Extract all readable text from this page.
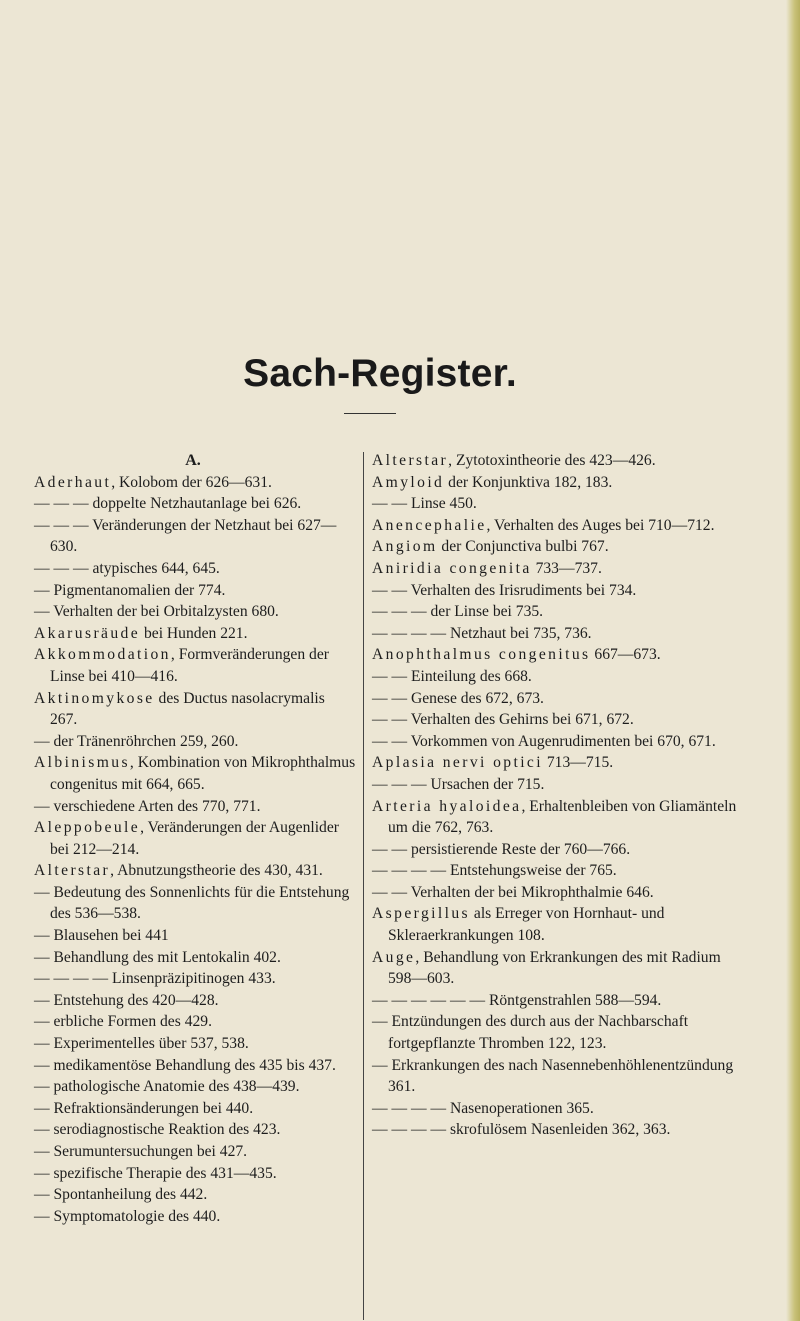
Sach-Register.
A.

Aderhaut, Kolobom der 626—631.

— — — doppelte Netzhautanlage bei 626.

— — — Veränderungen der Netzhaut bei 627—630.

— — — atypisches 644, 645.

— Pigmentanomalien der 774.

— Verhalten der bei Orbitalzysten 680.

Akarusräude bei Hunden 221.

Akkommodation, Formveränderungen der Linse bei 410—416.

Aktinomykose des Ductus nasolacrymalis 267.

— der Tränenröhrchen 259, 260.

Albinismus, Kombination von Mikrophthalmus congenitus mit 664, 665.

— verschiedene Arten des 770, 771.

Aleppobeule, Veränderungen der Augenlider bei 212—214.

Alterstar, Abnutzungstheorie des 430, 431.

— Bedeutung des Sonnenlichts für die Entstehung des 536—538.

— Blausehen bei 441

— Behandlung des mit Lentokalin 402.

— — — — Linsenpräzipitinogen 433.

— Entstehung des 420—428.

— erbliche Formen des 429.

— Experimentelles über 537, 538.

— medikamentöse Behandlung des 435 bis 437.

— pathologische Anatomie des 438—439.

— Refraktionsänderungen bei 440.

— serodiagnostische Reaktion des 423.

— Serumuntersuchungen bei 427.

— spezifische Therapie des 431—435.

— Spontanheilung des 442.

— Symptomatologie des 440.

Alterstar, Zytotoxintheorie des 423—426.

Amyloid der Konjunktiva 182, 183.

— — Linse 450.

Anencephalie, Verhalten des Auges bei 710—712.

Angiom der Conjunctiva bulbi 767.

Aniridia congenita 733—737.

— — Verhalten des Irisrudiments bei 734.

— — — der Linse bei 735.

— — — — Netzhaut bei 735, 736.

Anophthalmus congenitus 667—673.

— — Einteilung des 668.

— — Genese des 672, 673.

— — Verhalten des Gehirns bei 671, 672.

— — Vorkommen von Augenrudimenten bei 670, 671.

Aplasia nervi optici 713—715.

— — — Ursachen der 715.

Arteria hyaloidea, Erhaltenbleiben von Gliamänteln um die 762, 763.

— — persistierende Reste der 760—766.

— — — — Entstehungsweise der 765.

— — Verhalten der bei Mikrophthalmie 646.

Aspergillus als Erreger von Hornhaut- und Skleraerkrankungen 108.

Auge, Behandlung von Erkrankungen des mit Radium 598—603.

— — — — — — Röntgenstrahlen 588—594.

— Entzündungen des durch aus der Nachbarschaft fortgepflanzte Thromben 122, 123.

— Erkrankungen des nach Nasennebenhöhlenentzündung 361.

— — — — Nasenoperationen 365.

— — — — skrofulösem Nasenleiden 362, 363.
